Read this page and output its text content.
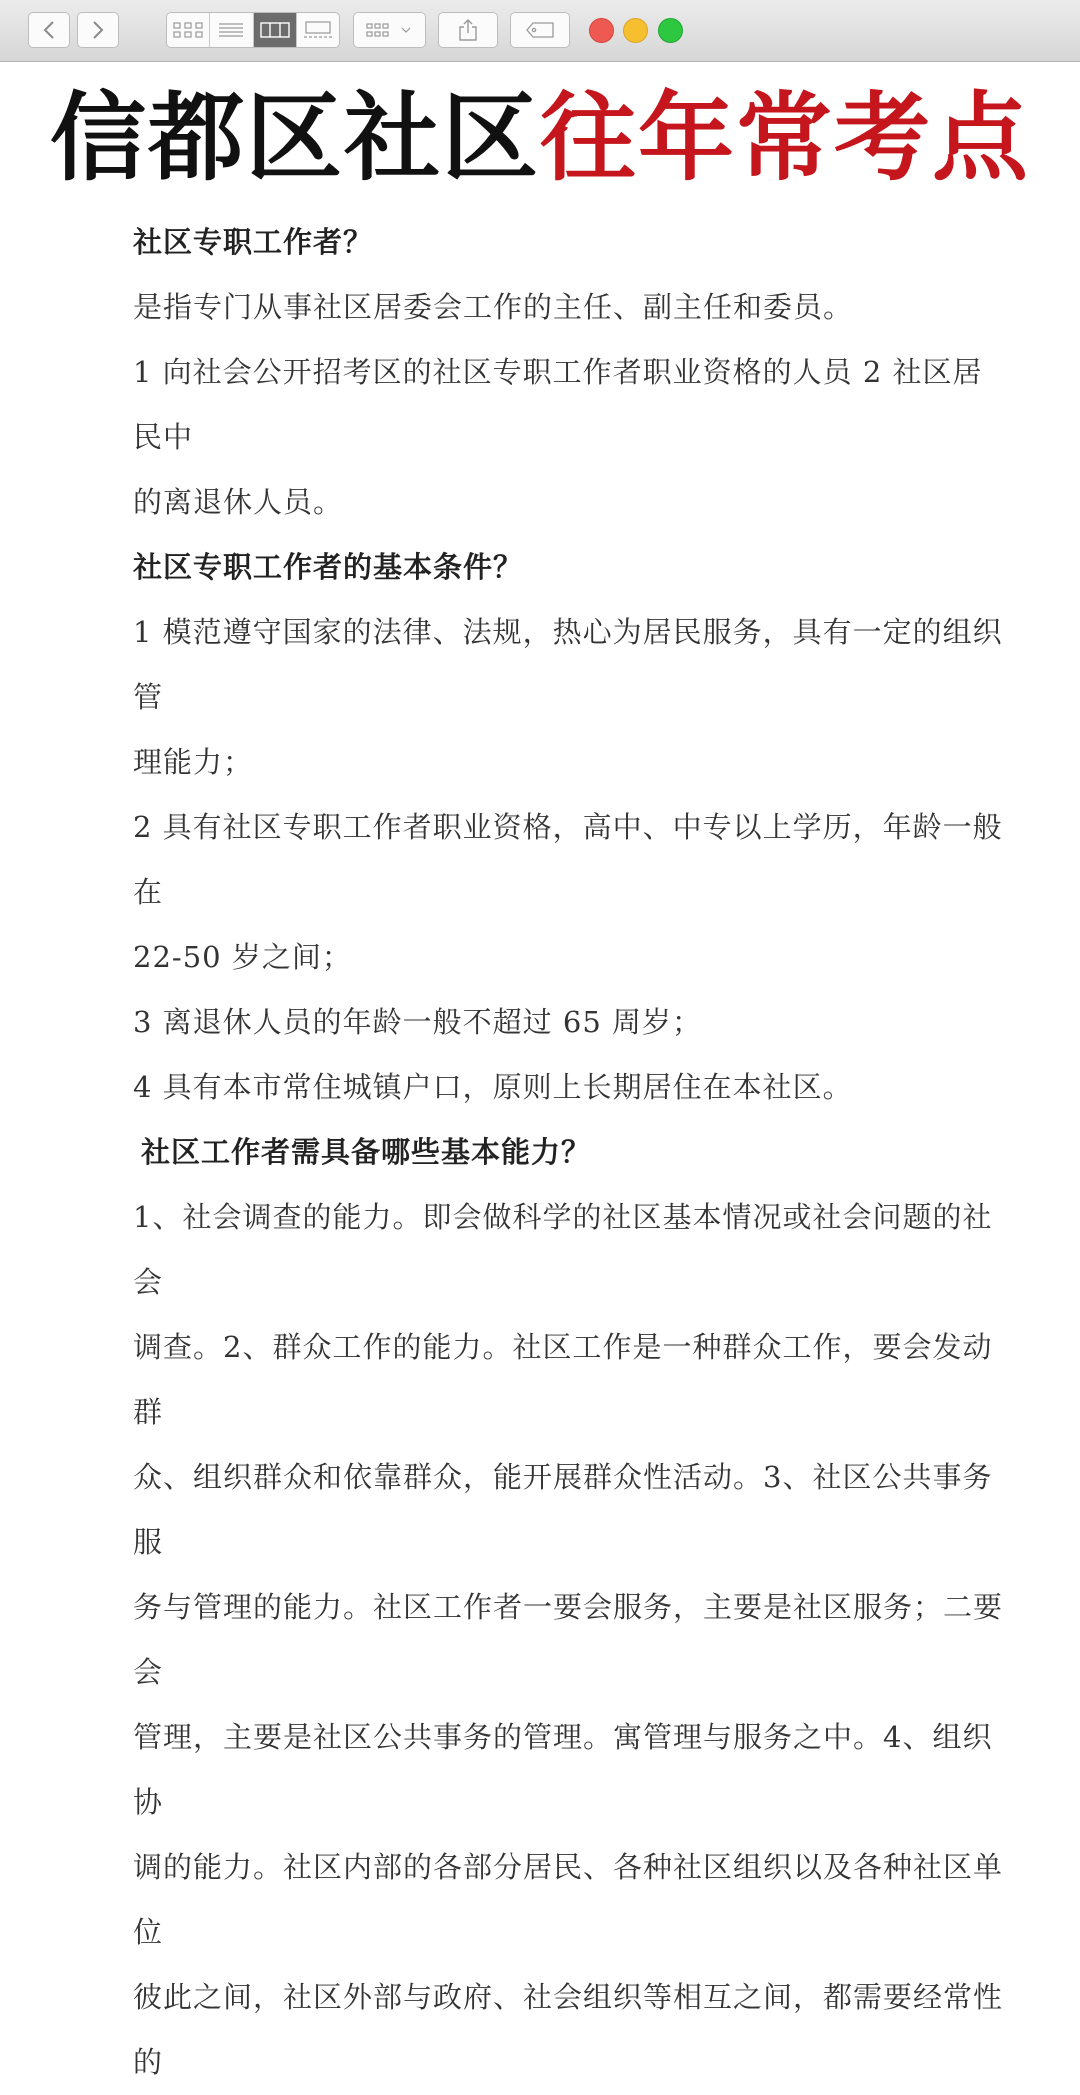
信都区社区 往年常考点

社区专职工作者？

是指专门从事社区居委会工作的主任、副主任和委员。

1 向社会公开招考区的社区专职工作者职业资格的人员 2 社区居民中

的离退休人员。

社区专职工作者的基本条件？

1 模范遵守国家的法律、法规，热心为居民服务，具有一定的组织管

理能力；

2 具有社区专职工作者职业资格，高中、中专以上学历，年龄一般在

22-50 岁之间；

3 离退休人员的年龄一般不超过 65 周岁；

4 具有本市常住城镇户口，原则上长期居住在本社区。

社区工作者需具备哪些基本能力？

1、社会调查的能力。即会做科学的社区基本情况或社会问题的社会

调查。2、群众工作的能力。社区工作是一种群众工作，要会发动群

众、组织群众和依靠群众，能开展群众性活动。3、社区公共事务服

务与管理的能力。社区工作者一要会服务，主要是社区服务；二要会

管理，主要是社区公共事务的管理。寓管理与服务之中。4、组织协

调的能力。社区内部的各部分居民、各种社区组织以及各种社区单位

彼此之间，社区外部与政府、社会组织等相互之间，都需要经常性的
